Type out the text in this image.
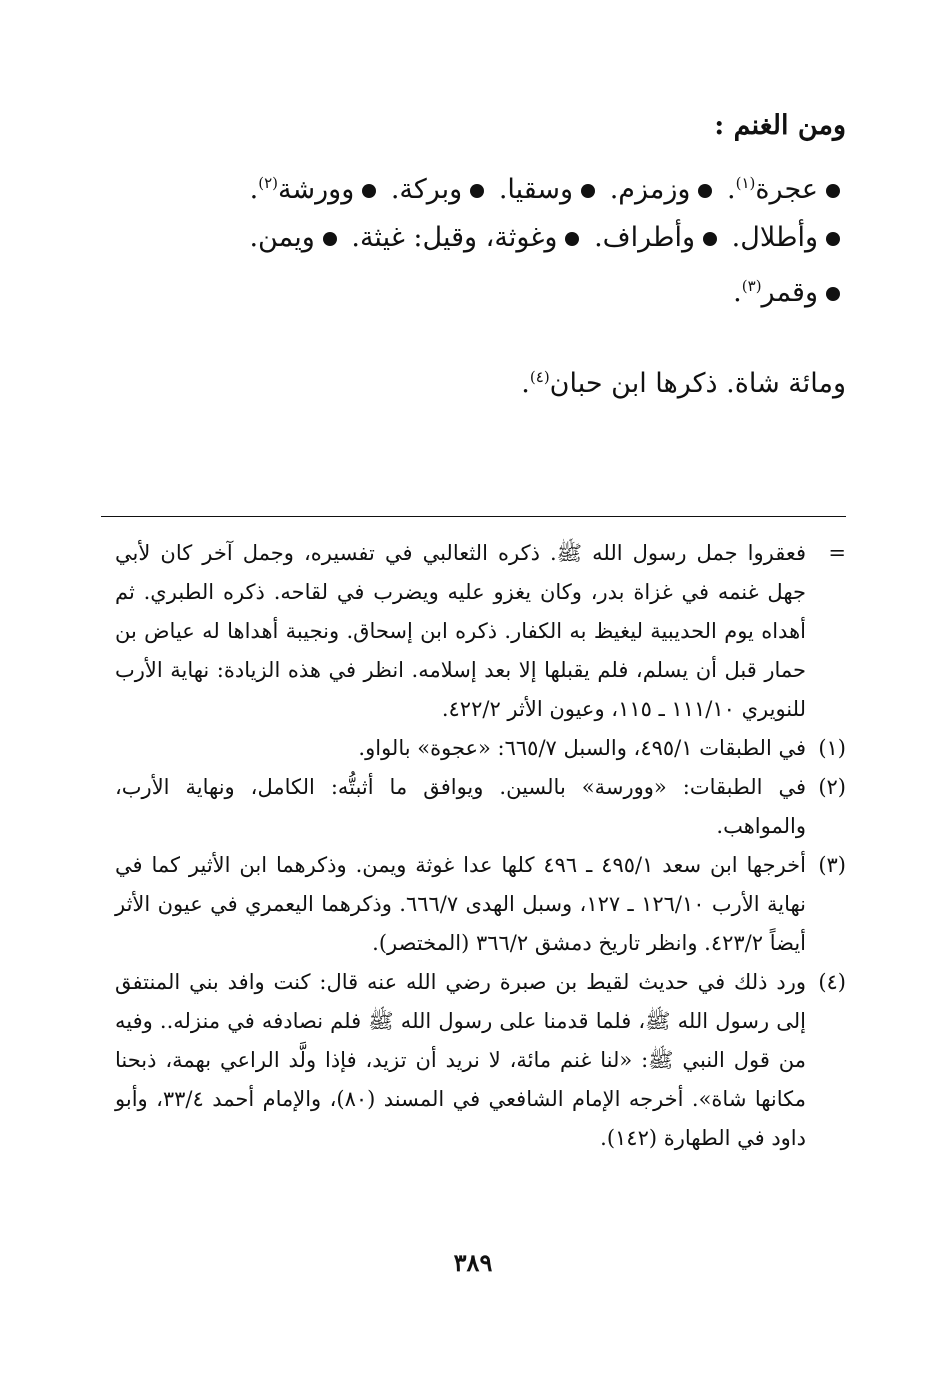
ومن الغنم :

عجرة$^{(١)}$. وزمزم. وسقيا. وبركة. وورشة$^{(٢)}$.

وأطلال. وأطراف. وغوثة، وقيل: غيثة. ويمن.

وقمر$^{(٣)}$.

ومائة شاة. ذكرها ابن حبان$^{(٤)}$.

=
فعقروا جمل رسول الله ﷺ. ذكره الثعالبي في تفسيره، وجمل آخر كان لأبي جهل غنمه في غزاة بدر، وكان يغزو عليه ويضرب في لقاحه. ذكره الطبري. ثم أهداه يوم الحديبية ليغيظ به الكفار. ذكره ابن إسحاق. ونجيبة أهداها له عياض بن حمار قبل أن يسلم، فلم يقبلها إلا بعد إسلامه. انظر في هذه الزيادة: نهاية الأرب للنويري ١١١/١٠ ـ ١١٥، وعيون الأثر ٤٢٢/٢.
(١)
في الطبقات ٤٩٥/١، والسبل ٦٦٥/٧: «عجوة» بالواو.
(٢)
في الطبقات: «وورسة» بالسين. ويوافق ما أثبتُّه: الكامل، ونهاية الأرب، والمواهب.
(٣)
أخرجها ابن سعد ٤٩٥/١ ـ ٤٩٦ كلها عدا غوثة ويمن. وذكرهما ابن الأثير كما في نهاية الأرب ١٢٦/١٠ ـ ١٢٧، وسبل الهدى ٦٦٦/٧. وذكرهما اليعمري في عيون الأثر أيضاً ٤٢٣/٢. وانظر تاريخ دمشق ٣٦٦/٢ (المختصر).
(٤)
ورد ذلك في حديث لقيط بن صبرة رضي الله عنه قال: كنت وافد بني المنتفق إلى رسول الله ﷺ، فلما قدمنا على رسول الله ﷺ فلم نصادفه في منزله.. وفيه من قول النبي ﷺ: «لنا غنم مائة، لا نريد أن تزيد، فإذا ولَّد الراعي بهمة، ذبحنا مكانها شاة». أخرجه الإمام الشافعي في المسند (٨٠)، والإمام أحمد ٣٣/٤، وأبو داود في الطهارة (١٤٢).
٣٨٩
